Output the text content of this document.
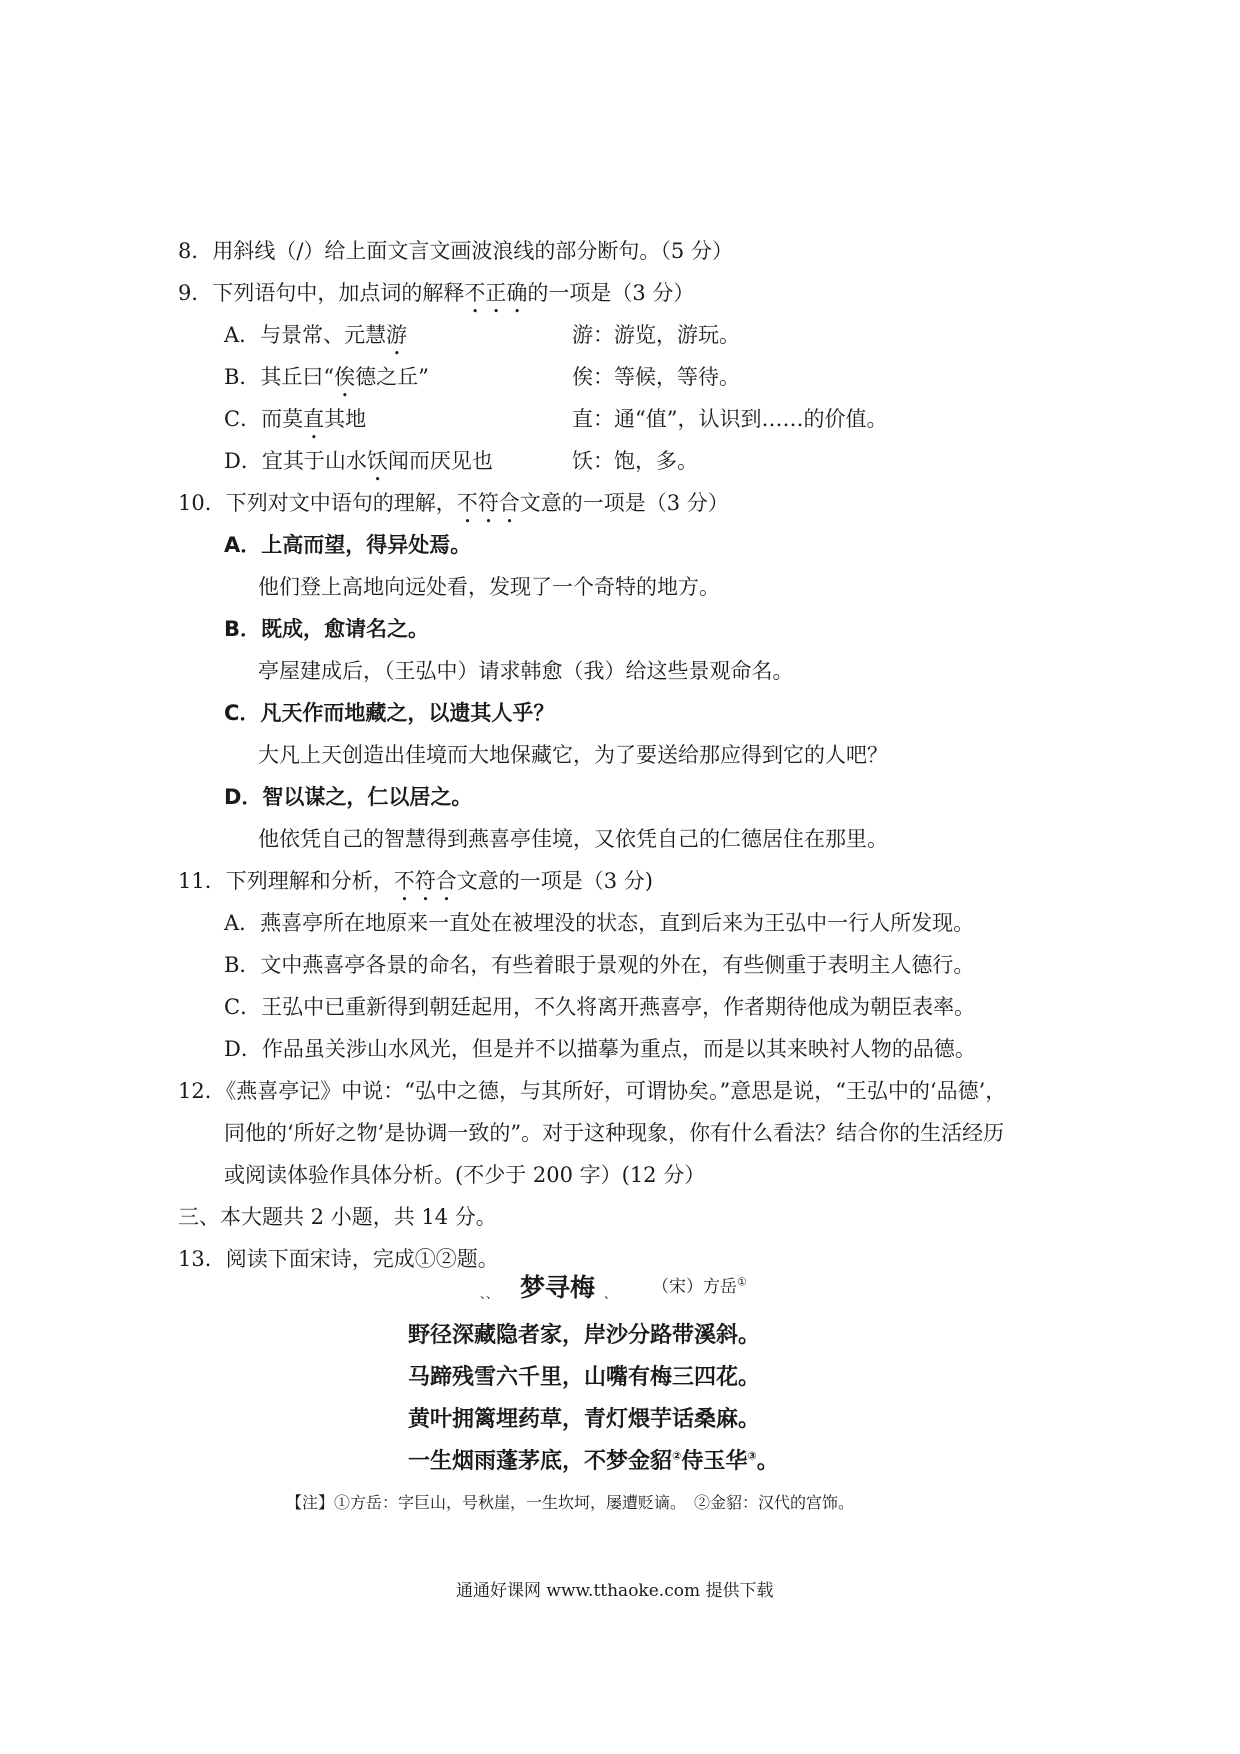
8．用斜线（/）给上面文言文画波浪线的部分断句。（5 分）
9．下列语句中，加点词的解释不正确的一项是（3 分）
A．与景常、元慧游	游：游览，游玩。
B．其丘曰“俟德之丘”	俟：等候，等待。
C．而莫直其地	直：通“值”，认识到……的价值。
D．宜其于山水饫闻而厌见也	饫：饱，多。
10．下列对文中语句的理解，不符合文意的一项是（3 分）
A．上高而望，得异处焉。
他们登上高地向远处看，发现了一个奇特的地方。
B．既成，愈请名之。
亭屋建成后，（王弘中）请求韩愈（我）给这些景观命名。
C．凡天作而地藏之，以遗其人乎？
大凡上天创造出佳境而大地保藏它，为了要送给那应得到它的人吧？
D．智以谋之，仁以居之。
他依凭自己的智慧得到燕喜亭佳境，又依凭自己的仁德居住在那里。
11．下列理解和分析，不符合文意的一项是（3 分)
A．燕喜亭所在地原来一直处在被埋没的状态，直到后来为王弘中一行人所发现。
B．文中燕喜亭各景的命名，有些着眼于景观的外在，有些侧重于表明主人德行。
C．王弘中已重新得到朝廷起用，不久将离开燕喜亭，作者期待他成为朝臣表率。
D．作品虽关涉山水风光，但是并不以描摹为重点，而是以其来映衬人物的品德。
12．《燕喜亭记》中说：“弘中之德，与其所好，可谓协矣。”意思是说，“王弘中的‘品德’，
同他的‘所好之物’是协调一致的”。对于这种现象，你有什么看法？结合你的生活经历
或阅读体验作具体分析。(不少于 200 字）(12 分）
三、本大题共 2 小题，共 14 分。
13．阅读下面宋诗，完成①②题。
、、 梦寻梅 、 （宋）方岳①
野径深藏隐者家，岸沙分路带溪斜。
马蹄残雪六千里，山嘴有梅三四花。
黄叶拥篱埋药草，青灯煨芋话桑麻。
一生烟雨蓬茅底，不梦金貂②侍玉华③。
【注】①方岳：字巨山，号秋崖，一生坎坷，屡遭贬谪。　②金貂：汉代的宫饰。
通通好课网 www.tthaoke.com 提供下载
